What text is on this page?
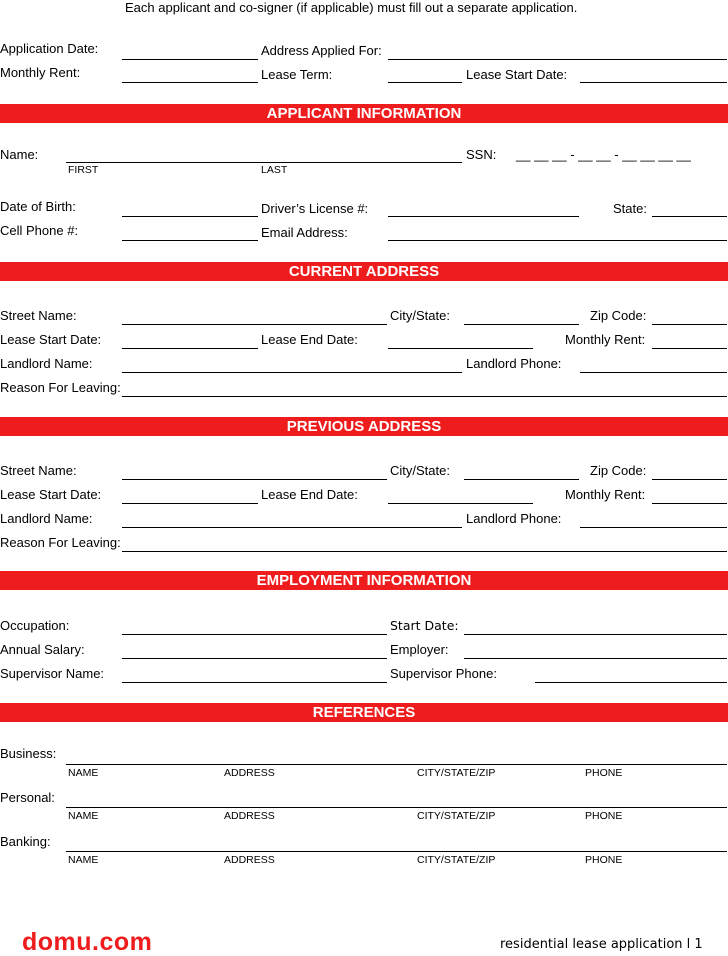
Each applicant and co-signer (if applicable) must fill out a separate application.
Application Date:	Address Applied For:
Monthly Rent:	Lease Term:	Lease Start Date:
APPLICANT INFORMATION
Name:
FIRST	LAST
SSN: __ __ __ - __ __ - __ __ __ __
Date of Birth:	Driver’s License #:	State:
Cell Phone #:	Email Address:
CURRENT ADDRESS
Street Name:	City/State:	Zip Code:
Lease Start Date:	Lease End Date:	Monthly Rent:
Landlord Name:	Landlord Phone:
Reason For Leaving:
PREVIOUS ADDRESS
Street Name:	City/State:	Zip Code:
Lease Start Date:	Lease End Date:	Monthly Rent:
Landlord Name:	Landlord Phone:
Reason For Leaving:
EMPLOYMENT INFORMATION
Occupation:	Start Date:
Annual Salary:	Employer:
Supervisor Name:	Supervisor Phone:
REFERENCES
Business:
NAME	ADDRESS	CITY/STATE/ZIP	PHONE
Personal:
NAME	ADDRESS	CITY/STATE/ZIP	PHONE
Banking:
NAME	ADDRESS	CITY/STATE/ZIP	PHONE
domu.com	residential lease application l 1
